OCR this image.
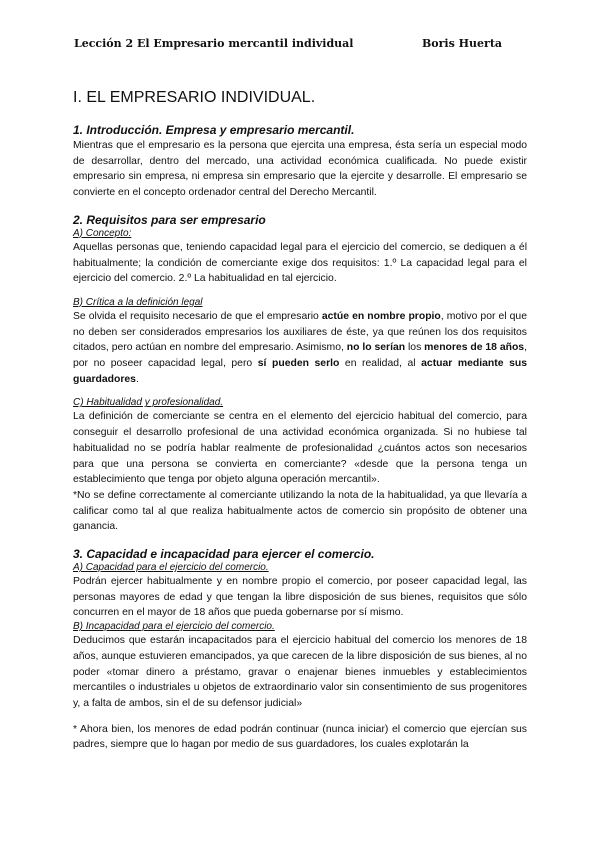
Lección 2 El Empresario mercantil individual	Boris Huerta
I. EL EMPRESARIO INDIVIDUAL.
1. Introducción. Empresa y empresario mercantil.

Mientras que el empresario es la persona que ejercita una empresa, ésta sería un especial modo de desarrollar, dentro del mercado, una actividad económica cualificada. No puede existir empresario sin empresa, ni empresa sin empresario que la ejercite y desarrolle. El empresario se convierte en el concepto ordenador central del Derecho Mercantil.

2. Requisitos para ser empresario
A) Concepto:

Aquellas personas que, teniendo capacidad legal para el ejercicio del comercio, se dediquen a él habitualmente; la condición de comerciante exige dos requisitos: 1.º La capacidad legal para el ejercicio del comercio. 2.º La habitualidad en tal ejercicio.

B) Crítica a la definición legal

Se olvida el requisito necesario de que el empresario actúe en nombre propio, motivo por el que no deben ser considerados empresarios los auxiliares de éste, ya que reúnen los dos requisitos citados, pero actúan en nombre del empresario. Asimismo, no lo serían los menores de 18 años, por no poseer capacidad legal, pero sí pueden serlo en realidad, al actuar mediante sus guardadores.

C) Habitualidad y profesionalidad.

La definición de comerciante se centra en el elemento del ejercicio habitual del comercio, para conseguir el desarrollo profesional de una actividad económica organizada. Si no hubiese tal habitualidad no se podría hablar realmente de profesionalidad ¿cuántos actos son necesarios para que una persona se convierta en comerciante? «desde que la persona tenga un establecimiento que tenga por objeto alguna operación mercantil».

*No se define correctamente al comerciante utilizando la nota de la habitualidad, ya que llevaría a calificar como tal al que realiza habitualmente actos de comercio sin propósito de obtener una ganancia.

3. Capacidad e incapacidad para ejercer el comercio.
A) Capacidad para el ejercicio del comercio.

Podrán ejercer habitualmente y en nombre propio el comercio, por poseer capacidad legal, las personas mayores de edad y que tengan la libre disposición de sus bienes, requisitos que sólo concurren en el mayor de 18 años que pueda gobernarse por sí mismo.

B) Incapacidad para el ejercicio del comercio.

Deducimos que estarán incapacitados para el ejercicio habitual del comercio los menores de 18 años, aunque estuvieren emancipados, ya que carecen de la libre disposición de sus bienes, al no poder «tomar dinero a préstamo, gravar o enajenar bienes inmuebles y establecimientos mercantiles o industriales u objetos de extraordinario valor sin consentimiento de sus progenitores y, a falta de ambos, sin el de su defensor judicial»

* Ahora bien, los menores de edad podrán continuar (nunca iniciar) el comercio que ejercían sus padres, siempre que lo hagan por medio de sus guardadores, los cuales explotarán la
